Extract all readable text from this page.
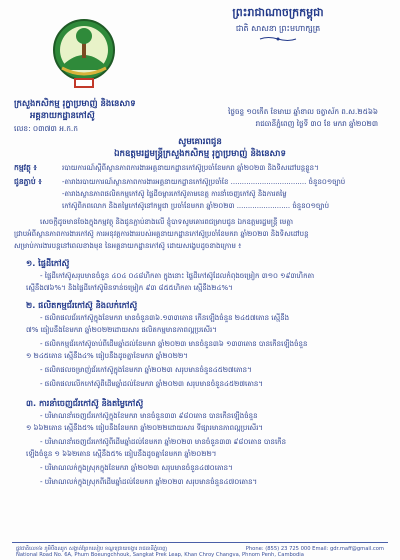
ព្រះរាជាណាចក្រកម្ពុជា
ជាតិ សាសនា ព្រះមហាក្សត្រ
ក្រសួងកសិកម្ម រុក្ខាប្រមាញ់ និងនេសាទ
អគ្គនាយកដ្ឋានកៅស៊ូ	ថ្ងៃចន្ទ ១០កើត ខែមាឃ ឆ្នាំខាល ចត្វាស័ក ព.ស.២៥៦៦
រាជធានីភ្នំពេញ ថ្ងៃទី ៣០ ខែ មករា ឆ្នាំ២០២៣
លេខ: ០៣៧៣ អ.ក.ក
សូមគោរពជូន
ឯកឧត្តមរដ្ឋមន្ត្រីក្រសួងកសិកម្ម រុក្ខាប្រមាញ់ និងនេសាទ
កម្មវត្ថុ ៖	របាយការណ៍ស្តីពីស្ថានភាពការងារអគ្គនាយកដ្ឋានកៅស៊ូប្រចាំខែមករា ឆ្នាំ២០២៣ និងទិសដៅបន្តខ្លួន។
ជូនភ្ជាប់ ៖	-តារាងរបាយការណ៍ស្ថានភាពការងារអគ្គនាយកដ្ឋានកៅស៊ូប្រចាំខែ .................................. ចំនួន០១ច្បាប់
-តារាងស្ថានភាពផលិតកម្មកៅស៊ូ ផ្ទៃដីចម្ការកៅស៊ូតាមខេត្ត ការនាំចេញកៅស៊ូ និងការតម្លៃ
កៅស៊ូពិភពលោក និងតម្លៃកៅស៊ូនៅកម្ពុជា ប្រចាំខែមករា ឆ្នាំ២០២៣ ........................ ចំនួន០១ច្បាប់
សេចក្តីដូចមានចែងក្នុងកម្មវត្ថុ និងជូនភ្ជាប់ខាងលើ ខ្ញុំបាទសូមគោរពជម្រាបជូន ឯកឧត្តមរដ្ឋមន្ត្រី មេត្តា
ជ្រាបអំពីស្ថានភាពការងារកៅស៊ូ ការអនុវត្តការងាររបស់អគ្គនាយកដ្ឋានកៅស៊ូប្រចាំខែមករា ឆ្នាំ២០២៣ និងទិសដៅបន្ត
សម្រាប់ការងារបន្តនៅពេលខាងមុខ នៃអគ្គនាយកដ្ឋានកៅស៊ូ ដោយសង្ខេបដូចខាងក្រោម ៖
១. ផ្ទៃដីកៅស៊ូ
- ផ្ទៃដីកៅស៊ូសរុបមានចំនួន ៤០៤ ០៤៨ហិកតា ក្នុងនោះ ផ្ទៃដីកៅស៊ូដែលកំពុងចម្រៀក ៣១០ ១៩៣ហិកតា
ស្មើនឹង៧៦%។ និងផ្ទៃដីកៅស៊ូមិនទាន់ចម្រៀក ៩៣ ៨៥៥ហិកតា ស្មើនឹង២៤%។
២. ផលិតកម្មជ័រកៅស៊ូ និងលក់កៅស៊ូ
- ផលិតផលជ័រកៅស៊ូក្នុងខែមករា មានចំនួន៣៦.១៣៣តោន កើនឡើងចំនួន ២៤៥៧តោន ស្មើនឹង
៧% ធៀបនឹងខែមករា ឆ្នាំ២០២២ដោយសារ ផលិតកម្មមានភាពល្អប្រសើរ។
- ផលិតកម្មជ័រកៅស៊ូចាប់ពីដើមឆ្នាំដល់ខែមករា ឆ្នាំ២០២៣ មានចំនួន៣៦ ១៣៣តោន បានកើនឡើងចំនួន
១ ២៤៥តោន ស្មើនឹង៤% ធៀបនឹងដូចគ្នាខែមករា ឆ្នាំ២០២២។
- ផលិតផលចម្រាញ់ជ័រកៅស៊ូក្នុងខែមករា ឆ្នាំ២០២៣ សរុបមានចំនួន៤៥២៧តោន។
- ផលិតផលលើកកៅស៊ូពីដើមឆ្នាំដល់ខែមករា ឆ្នាំ២០២៣ សរុបមានចំនួន៤៥២៧តោន។
៣. ការនាំចេញជ័រកៅស៊ូ និងតម្លៃកៅស៊ូ
- បរិមាណនាំចេញជ័រកៅស៊ូក្នុងខែមករា មានចំនួន៣៣ ៩៨០តោន បានកើនឡើងចំនួន
១ ៦៦២តោន ស្មើនឹង៥% ធៀបនឹងខែមករា ឆ្នាំ២០២២ដោយសារ ទីផ្សារមានភាពល្អប្រសើរ។
- បរិមាណនាំចេញជ័រកៅស៊ូពីដើមឆ្នាំដល់ខែមករា ឆ្នាំ២០២៣ មានចំនួន៣៣ ៩៨០តោន បានកើន
ឡើងចំនួន ១ ៦៦២តោន ស្មើនឹង៥% ធៀបនឹងដូចគ្នាខែមករា ឆ្នាំ២០២២។
- បរិមាណលក់ក្នុងស្រុកក្នុងខែមករា ឆ្នាំ២០២៣ សរុបមានចំនួន៤៧០តោន។
- បរិមាណលក់ក្នុងស្រុកពីដើមឆ្នាំដល់ខែមករា ឆ្នាំ២០២៣ សរុបមានចំនួន៤៧០តោន។
ផ្លូវជាតិលេខ៦ ភូមិបឹងឈូក សង្កាត់ព្រែកលៀប ខណ្ឌជ្រោយចង្វារ រាជធានីភ្នំពេញ
National Road No. 6A, Phum Boeungchhouk, Sangkat Prek Leap, Khan Chroy Changva, Phnom Penh, Cambodia
Phone: (855) 23 725 000 Email: gdr.maff@gmail.com
